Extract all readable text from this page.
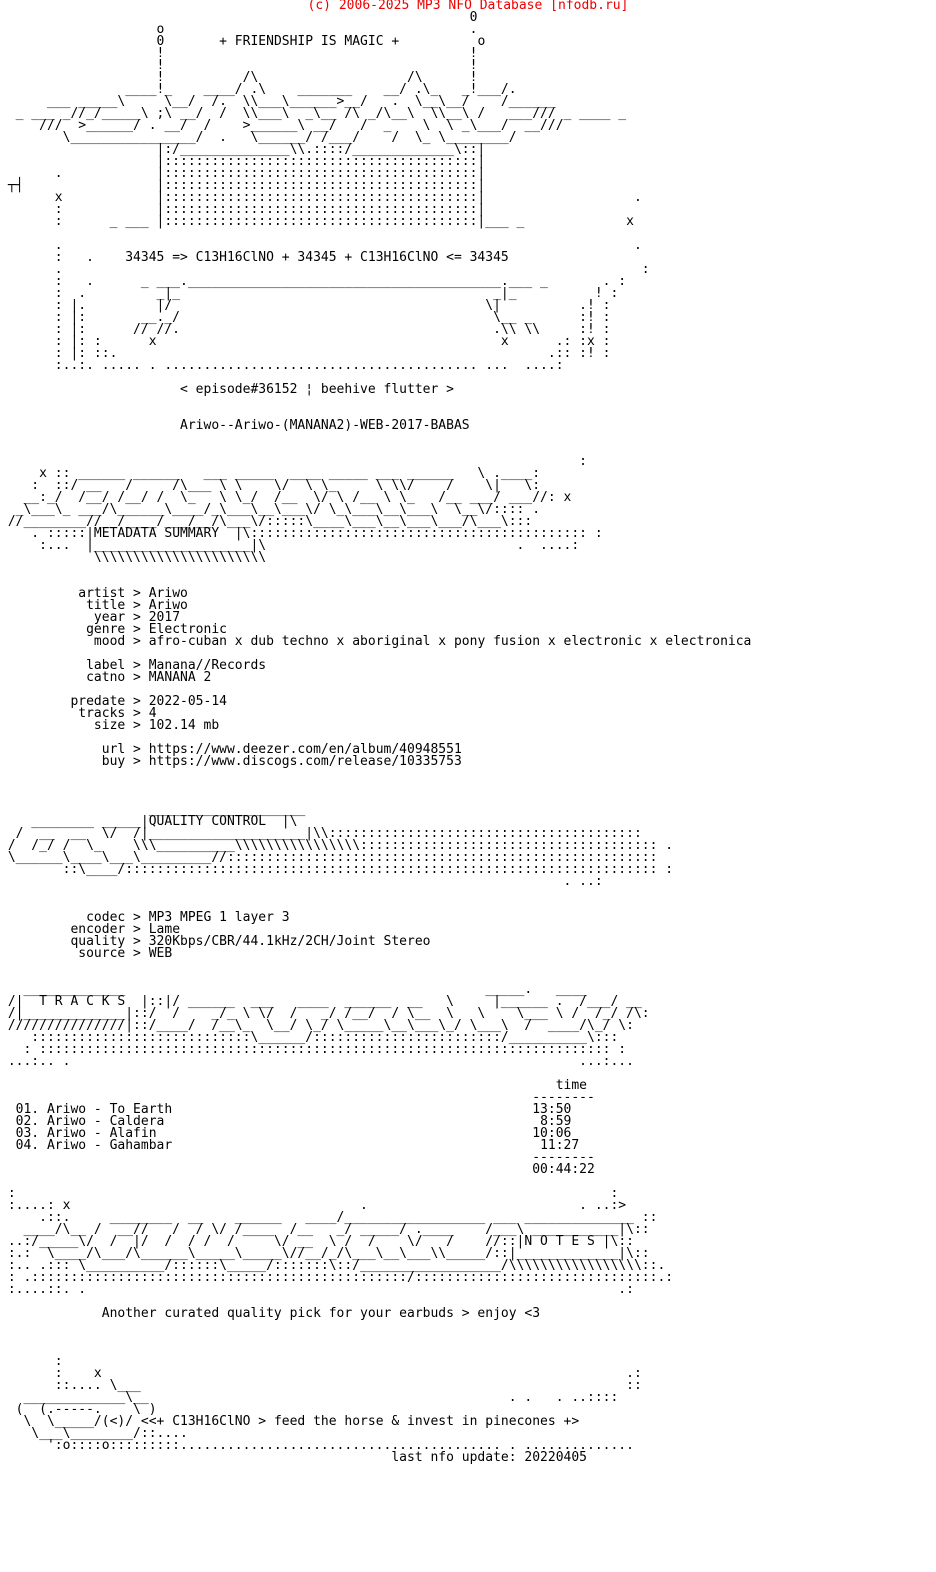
(c) 2006-2025 MP3 NFO Database [nfodb.ru]
0
o                                       .
0	+ FRIENDSHIP IS MAGIC +	o
!                                       !
!                                       !
!          /\                   /\      !
____!_    ____/ .\    _______    __/ .\_   _!___/.
___ _____\     \__/  /.  \\___\______>__/   .  \__\__/    /______
_ ___ _//_/_____\ ;\ __/  /  \\___\  _\__ /\ _/\__\  \\__\ /   ___/// _ ____ _
///  >______/ . __/  /    >______\ __/   /  _    \  \ _\___/  __///
\________________/  .   \______/ /___/    /  \_ \________/
|:/______________\\.::::/_____________\::|
|::::::::::::::::::::::::::::::::::::::::|
.            |::::::::::::::::::::::::::::::::::::::::|
┬┤                 |::::::::::::::::::::::::::::::::::::::::|
x            |::::::::::::::::::::::::::::::::::::::::|                   .
:            |::::::::::::::::::::::::::::::::::::::::|
:      _ ___ |::::::::::::::::::::::::::::::::::::::::|___ _             x

.                                                                         .
:   .    34345 => C13H16ClNO + 34345 + C13H16ClNO <= 34345
.                                                                          :
:   .      _ ___.________________________________________.___ _       . :
:  .         _|_                                        _|_          ! :
: |.         |/                                        \|          .! :
: |:       __._/                                        \__ _      :! :
: |:      // //.                                        .\\ \\     :! :
: |: :      x                                            x      .: :x :
: |: ::.                                                       .:: :! :
:..:. ..... . ........................................ ...  ....:

< episode#36152 ¦ beehive flutter >
Ariwo--Ariwo-(MANANA2)-WEB-2017-BABAS
:
x :: ______ ______   ___ _____  ____ _____ ___ ______   \ .____:
:  ::/ __   /     /\___ \ \    \/  \ \_     \ \\/    /    \|   \:
__:_/  /__/ /__/ /  \_   \ \_/  /__  \/ \ /__ \ \_   /__ ___/ ___//: x
_\___\_ ___/\______\____/_\___\__\___\/ \_\___\__\___\  \__\/:::: .
//________//__/____/___/__/\___\/:::::\____\___\__\___\___/\___\:::
. :::::|METADATA SUMMARY  |\::::::::::::::::::::::::::::::::::::::::::: :
:...  |____________________|\                                .  ....:
\\\\\\\\\\\\\\\\\\\\\\

artist > Ariwo
title > Ariwo
year > 2017
genre > Electronic
mood > afro-cuban x dub techno x aboriginal x pony fusion x electronic x electronica
label > Manana//Records
catno > MANANA 2
predate > 2022-05-14
tracks > 4
size > 102.14 mb
url > https://www.deezer.com/en/album/40948551
buy > https://www.discogs.com/release/10335753
____________________
________ _____|QUALITY CONTROL  |\
/  __  __  \/  /|____________________|\\::::::::::::::::::::::::::::::::::::::::
/  /_/ /  \_    \\\__________\\\\\\\\\\\\\\\\:::::::::::::::::::::::::::::::::::::: .
\______\____\___\_________//:::::::::::::::::::::::::::::::::::::::::::::::::::::::
::\____/:::::::::::::::::::::::::::::::::::::::::::::::::::::::::::::::::::: :
. ..:

codec > MP3 MPEG 1 layer 3
encoder > Lame
quality > 320Kbps/CBR/44.1kHz/2CH/Joint Stereo
source > WEB
_____________                                              _____.   ____
/|  T R A C K S  |::|/ ______  ___   ____  ______  __   \     |______ .  /___/ __
/|_____________|::/  /    _/_ \ \/  /   _/ /__/  / \__  \   \    \___ \ /  /_/ /\:
///////////////|::/____/  /__\_  \__/ \_/ \_____\__\___\_/ \___\  /  ____/\_/ \:
::::::::::::::::::::::::::::\______/::::::::::::::::::::::::/__________\:::
: ::::::::::::::::::::::::::::::::::::::::::::::::::::::::::::::::::::::::: :
...:.. .                                                                 ...:...

time
--------
01. Ariwo - To Earth	13:50
02. Ariwo - Caldera	8:59
03. Ariwo - Alafin	10:06
04. Ariwo - Gahambar	11:27
--------
00:44:22
:                                                                            :
:....: x                                     .                           . ..:>
.::.     ________  __    ______   ____/__________________ ___ ______________ ::
____/\__ /  __//   /  / \/ /____  /__   _/ _____/ .____    /___\ ___________|\::
..:/_____\/  /  |/  /  / /  /     \/ __  \ /  /    \/   /    //::|N O T E S |\::
:.:  \____/\___/\______\_____\_____\//__/_/\___\__\___\\_____/::|_____________|\::
:.. .::: \__________/::::::\_____/:::::::\::/__________________/\\\\\\\\\\\\\\\\\::.
: .::::::::::::::::::::::::::::::::::::::::::::::::/:::::::::::::::::::::::::::::::.:
:....::. .                                                                    .:

Another curated quality pick for your earbuds > enjoy <3
:
:    x                                                                   .:
::.... \___                                                              ::
_____________\__                                              . .   . ..::::
(  (.-----.    \ )
\  \_____/(<)/ <<+ C13H16ClNO > feed the horse & invest in pinecones +>
\___\________/::....
':o::::o:::::::::......................................... . ..............

last nfo update: 20220405
